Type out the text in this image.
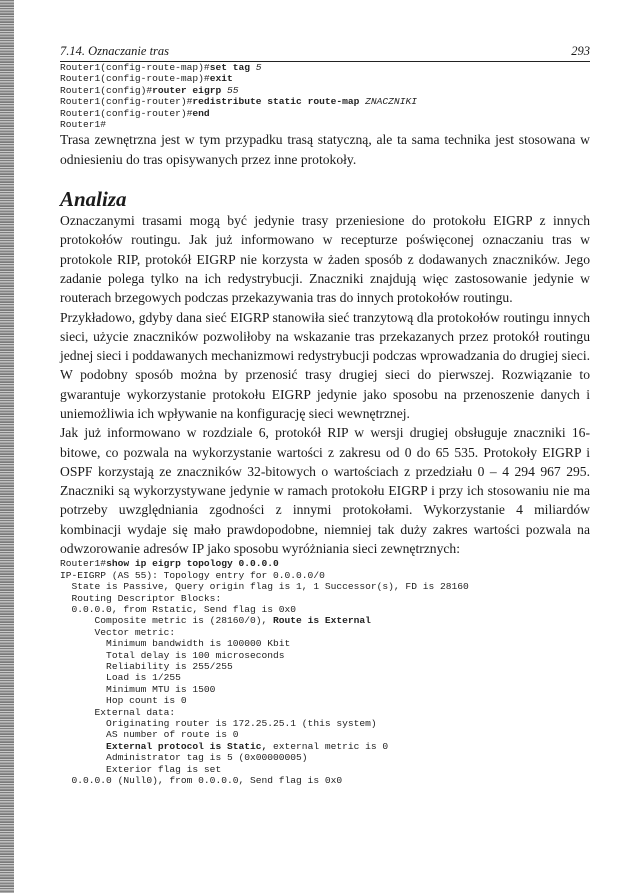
7.14. Oznaczanie tras	293
Router1(config-route-map)#set tag 5
Router1(config-route-map)#exit
Router1(config)#router eigrp 55
Router1(config-router)#redistribute static route-map ZNACZNIKI
Router1(config-router)#end
Router1#

Trasa zewnętrzna jest w tym przypadku trasą statyczną, ale ta sama technika jest stosowana w odniesieniu do tras opisywanych przez inne protokoły.

Analiza

Oznaczanymi trasami mogą być jedynie trasy przeniesione do protokołu EIGRP z innych protokołów routingu. Jak już informowano w recepturze poświęconej oznaczaniu tras w protokole RIP, protokół EIGRP nie korzysta w żaden sposób z dodawanych znaczników. Jego zadanie polega tylko na ich redystrybucji. Znaczniki znajdują więc zastosowanie jedynie w routerach brzegowych podczas przekazywania tras do innych protokołów routingu.

Przykładowo, gdyby dana sieć EIGRP stanowiła sieć tranzytową dla protokołów routingu innych sieci, użycie znaczników pozwoliłoby na wskazanie tras przekazanych przez protokół routingu jednej sieci i poddawanych mechanizmowi redystrybucji podczas wprowadzania do drugiej sieci. W podobny sposób można by przenosić trasy drugiej sieci do pierwszej. Rozwiązanie to gwarantuje wykorzystanie protokołu EIGRP jedynie jako sposobu na przenoszenie danych i uniemożliwia ich wpływanie na konfigurację sieci wewnętrznej.

Jak już informowano w rozdziale 6, protokół RIP w wersji drugiej obsługuje znaczniki 16-bitowe, co pozwala na wykorzystanie wartości z zakresu od 0 do 65 535. Protokoły EIGRP i OSPF korzystają ze znaczników 32-bitowych o wartościach z przedziału 0 – 4 294 967 295. Znaczniki są wykorzystywane jedynie w ramach protokołu EIGRP i przy ich stosowaniu nie ma potrzeby uwzględniania zgodności z innymi protokołami. Wykorzystanie 4 miliardów kombinacji wydaje się mało prawdopodobne, niemniej tak duży zakres wartości pozwala na odwzorowanie adresów IP jako sposobu wyróżniania sieci zewnętrznych:

Router1#show ip eigrp topology 0.0.0.0
IP-EIGRP (AS 55): Topology entry for 0.0.0.0/0
State is Passive, Query origin flag is 1, 1 Successor(s), FD is 28160
Routing Descriptor Blocks:
0.0.0.0, from Rstatic, Send flag is 0x0
Composite metric is (28160/0), Route is External
Vector metric:
Minimum bandwidth is 100000 Kbit
Total delay is 100 microseconds
Reliability is 255/255
Load is 1/255
Minimum MTU is 1500
Hop count is 0
External data:
Originating router is 172.25.25.1 (this system)
AS number of route is 0
External protocol is Static, external metric is 0
Administrator tag is 5 (0x00000005)
Exterior flag is set
0.0.0.0 (Null0), from 0.0.0.0, Send flag is 0x0
